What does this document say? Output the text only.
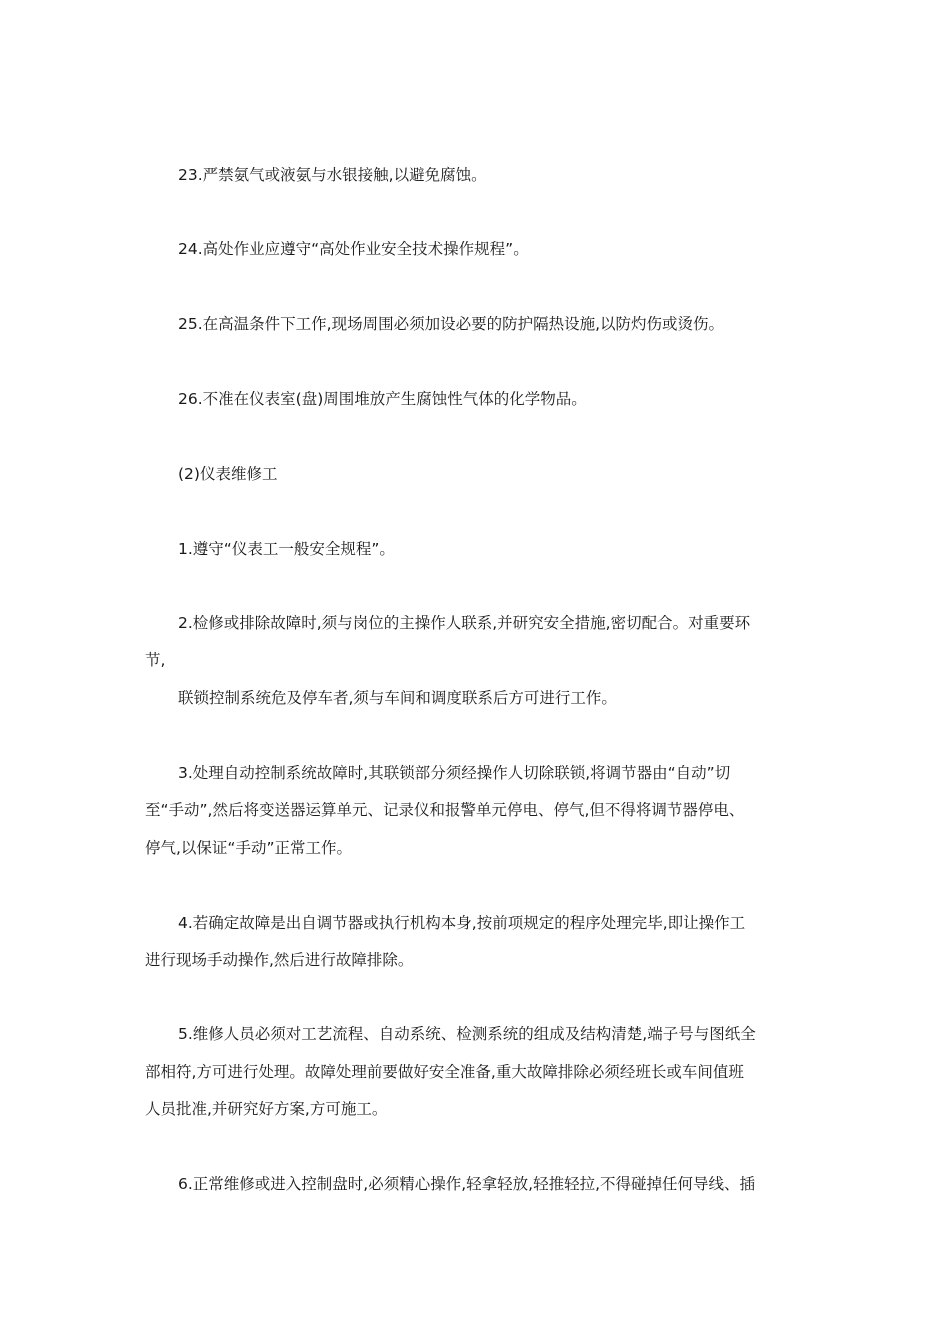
23.严禁氨气或液氨与水银接触,以避免腐蚀。
24.高处作业应遵守“高处作业安全技术操作规程”。
25.在高温条件下工作,现场周围必须加设必要的防护隔热设施,以防灼伤或烫伤。
26.不准在仪表室(盘)周围堆放产生腐蚀性气体的化学物品。
(2)仪表维修工
1.遵守“仪表工一般安全规程”。
2.检修或排除故障时,须与岗位的主操作人联系,并研究安全措施,密切配合。对重要环
节,
联锁控制系统危及停车者,须与车间和调度联系后方可进行工作。
3.处理自动控制系统故障时,其联锁部分须经操作人切除联锁,将调节器由“自动”切
至“手动”,然后将变送器运算单元、记录仪和报警单元停电、停气,但不得将调节器停电、
停气,以保证“手动”正常工作。
4.若确定故障是出自调节器或执行机构本身,按前项规定的程序处理完毕,即让操作工
进行现场手动操作,然后进行故障排除。
5.维修人员必须对工艺流程、自动系统、检测系统的组成及结构清楚,端子号与图纸全
部相符,方可进行处理。故障处理前要做好安全准备,重大故障排除必须经班长或车间值班
人员批准,并研究好方案,方可施工。
6.正常维修或进入控制盘时,必须精心操作,轻拿轻放,轻推轻拉,不得碰掉任何导线、插
